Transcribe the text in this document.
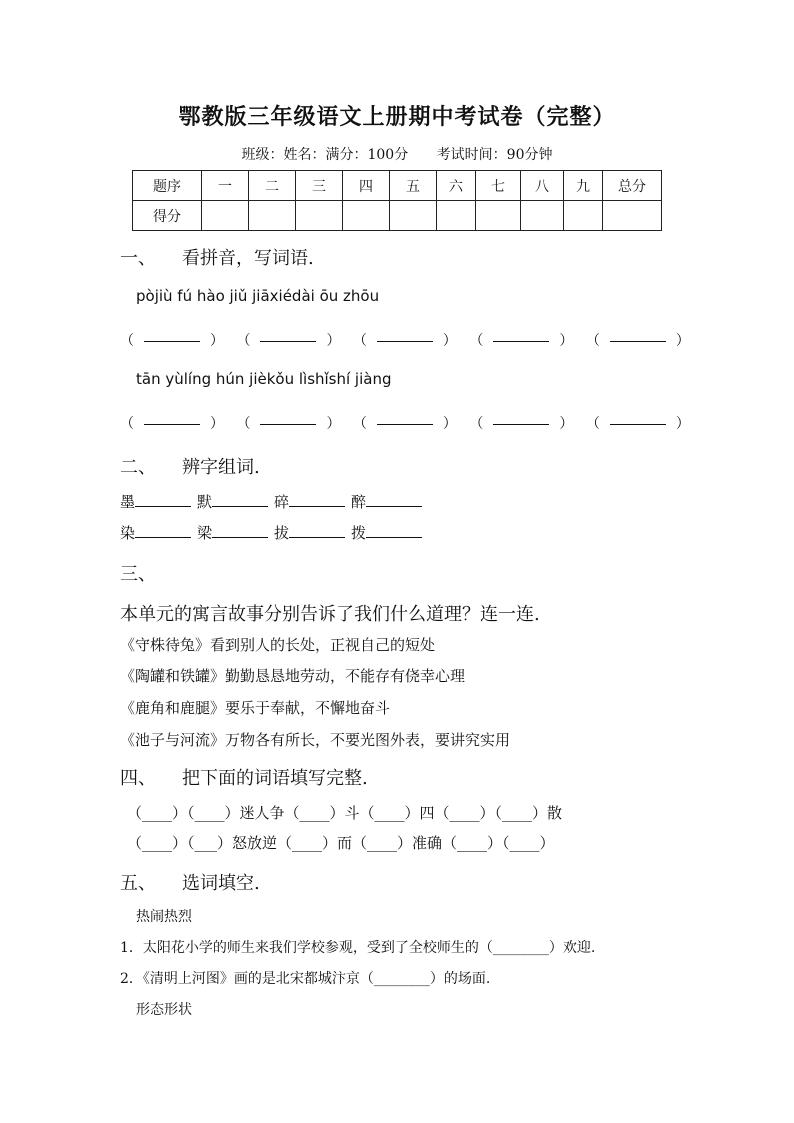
鄂教版三年级语文上册期中考试卷（完整）
班级：姓名：满分：100分 考试时间：90分钟
题序	一	二	三	四	五	六	七	八	九	总分
得分										
一、 看拼音，写词语.
pòjiù fú hào jiǔ jiāxiédài ōu zhōu
（	） （	） （	） （	） （	）
tān yùlíng hún jièkǒu lìshǐshí jiàng
（	） （	） （	） （	） （	）
二、 辨字组词.
墨	默	碎	醉
染	梁	拔	拨
三、
本单元的寓言故事分别告诉了我们什么道理？连一连.
《守株待兔》看到别人的长处，正视自己的短处
《陶罐和铁罐》勤勤恳恳地劳动，不能存有侥幸心理
《鹿角和鹿腿》要乐于奉献，不懈地奋斗
《池子与河流》万物各有所长，不要光图外表，要讲究实用
四、 把下面的词语填写完整.
（____）（____）迷人争（____）斗（____）四（____）（____）散
（____）（___）怒放逆（____）而（____）准确（____）（____）
五、 选词填空.
热闹热烈
1．太阳花小学的师生来我们学校参观，受到了全校师生的（________）欢迎.
2．《清明上河图》画的是北宋都城汴京（________）的场面.
形态形状
